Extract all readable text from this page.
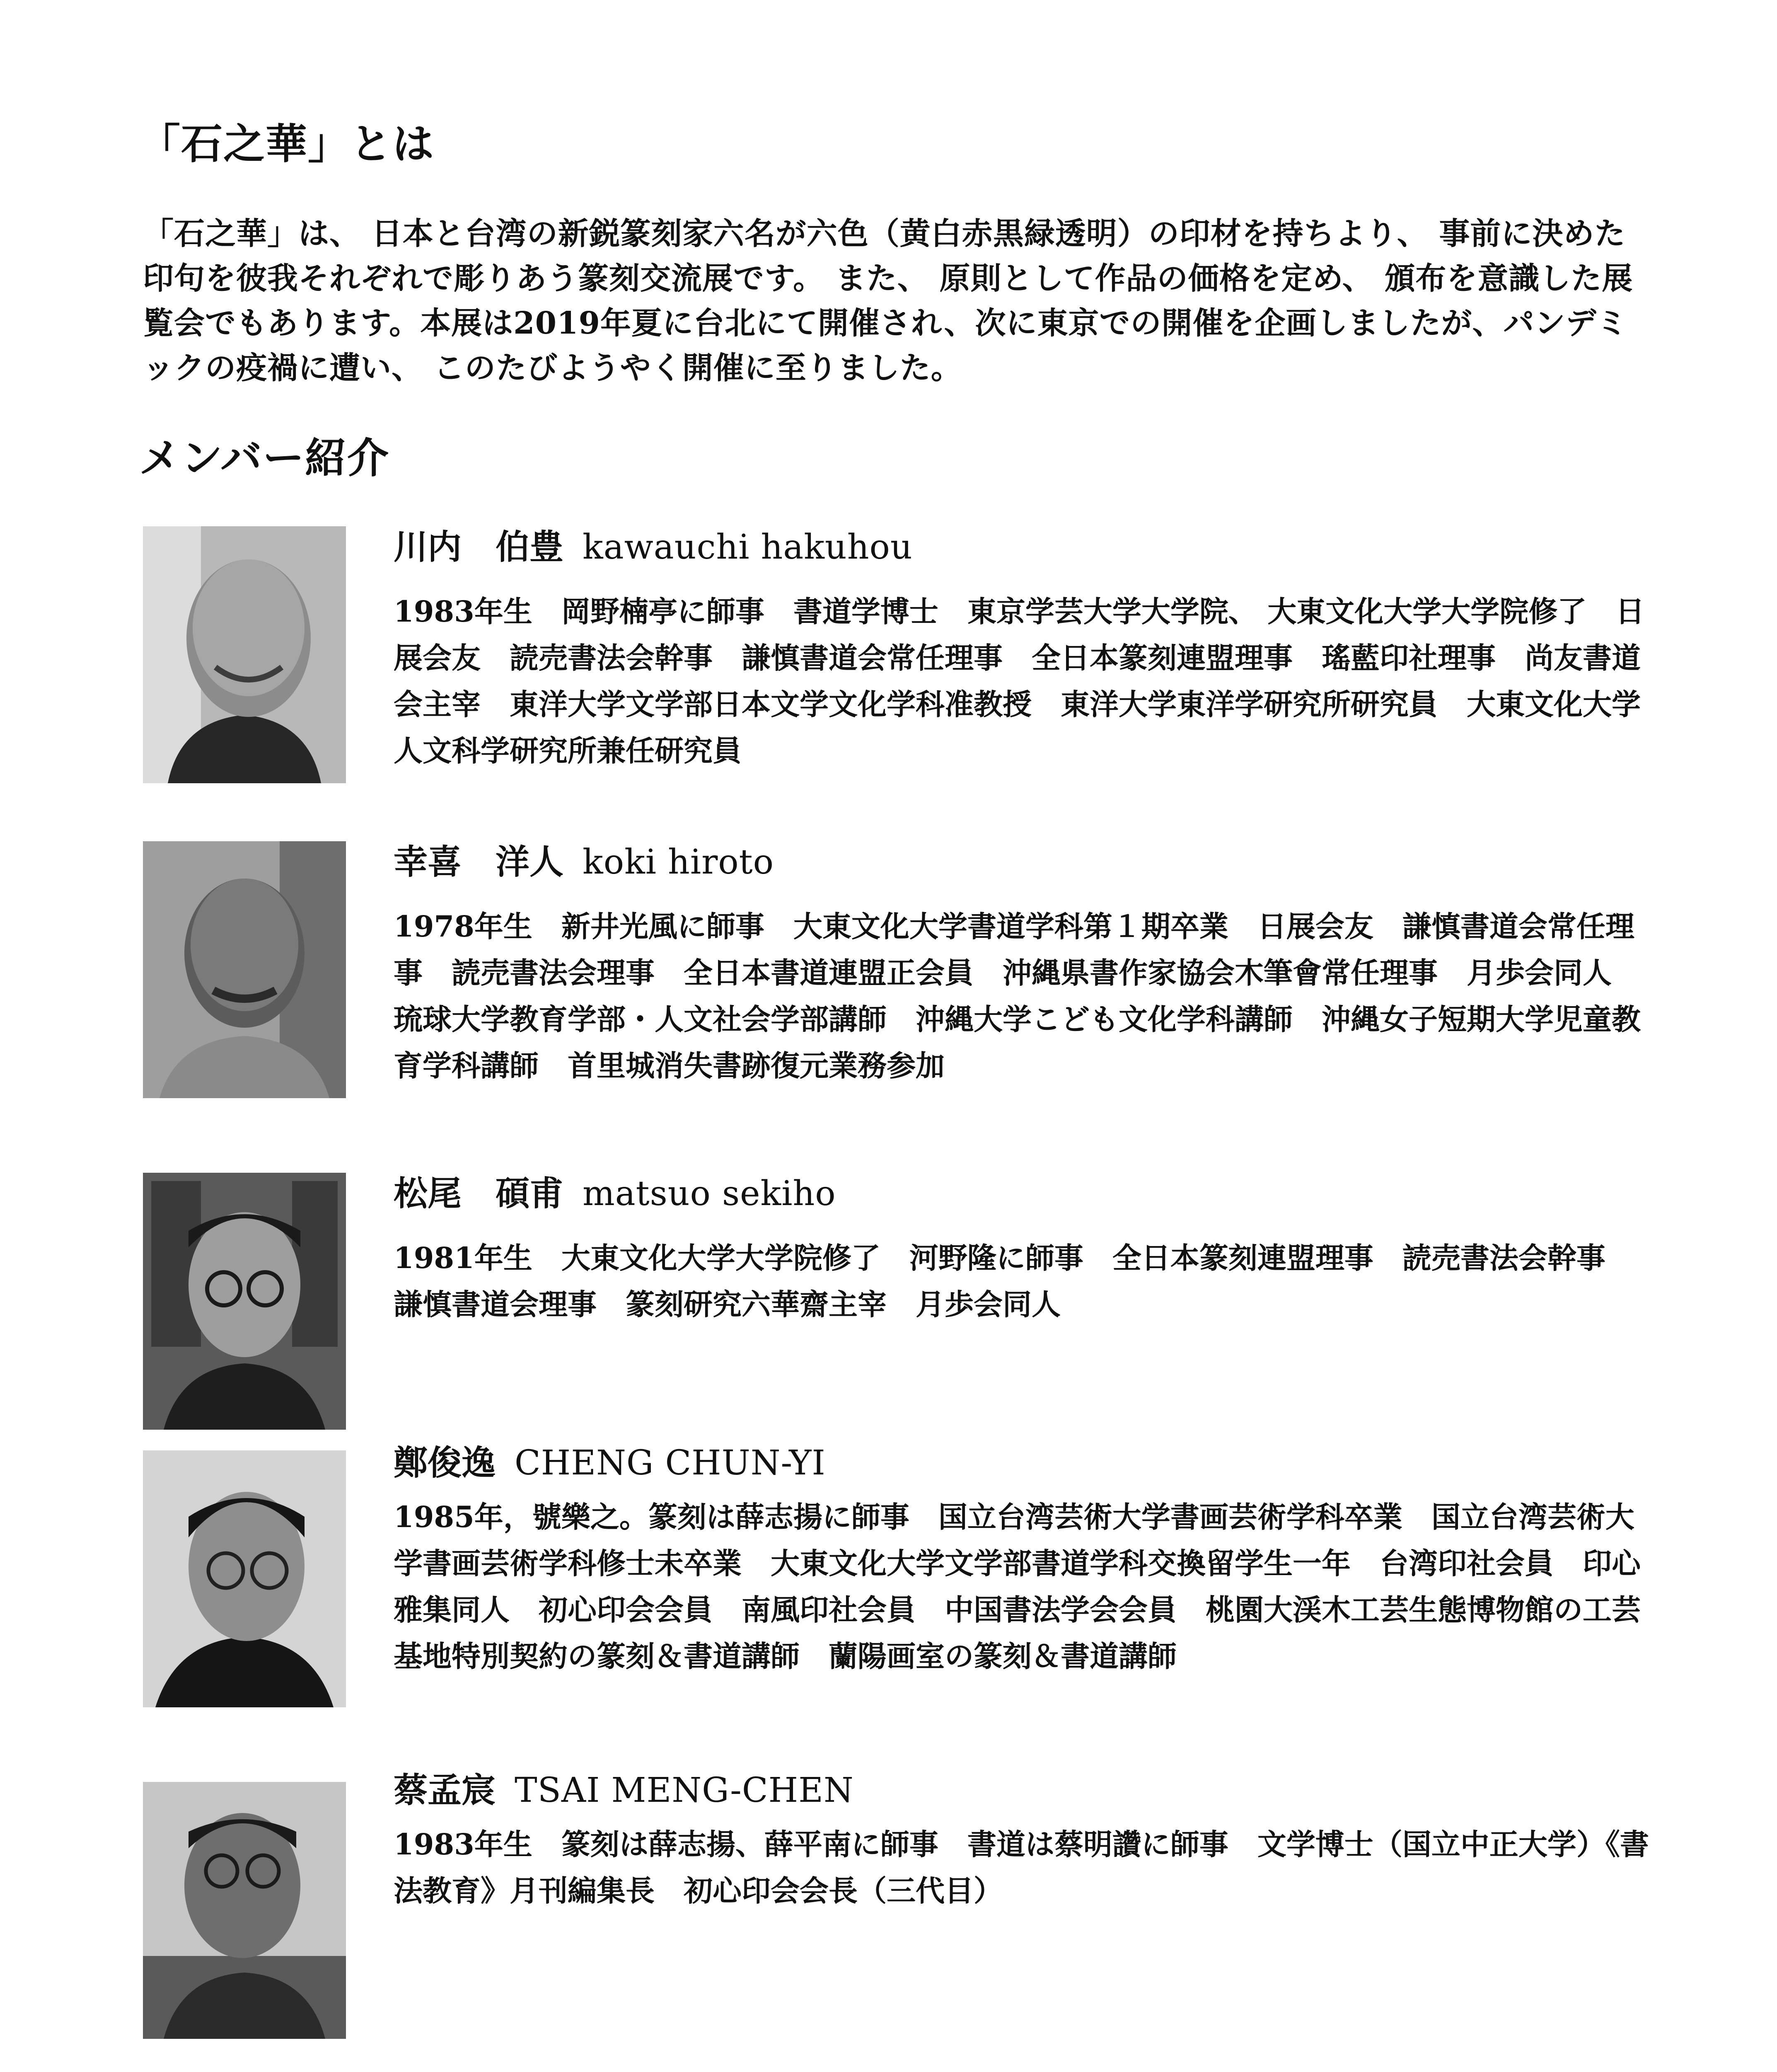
「石之華」とは

「石之華」は、 日本と台湾の新鋭篆刻家六名が六色（黄白赤黒緑透明）の印材を持ちより、 事前に決めた印句を彼我それぞれで彫りあう篆刻交流展です。 また、 原則として作品の価格を定め、 頒布を意識した展覧会でもあります。本展は2019年夏に台北にて開催され、次に東京での開催を企画しましたが、パンデミックの疫禍に遭い、 このたびようやく開催に至りました。

メンバー紹介
川内　伯豊 kawauchi hakuhou

1983年生　岡野楠亭に師事　書道学博士　東京学芸大学大学院、 大東文化大学大学院修了　日展会友　読売書法会幹事　謙慎書道会常任理事　全日本篆刻連盟理事　瑤藍印社理事　尚友書道会主宰　東洋大学文学部日本文学文化学科准教授　東洋大学東洋学研究所研究員　大東文化大学人文科学研究所兼任研究員

幸喜　洋人 koki hiroto

1978年生　新井光風に師事　大東文化大学書道学科第１期卒業　日展会友　謙慎書道会常任理事　読売書法会理事　全日本書道連盟正会員　沖縄県書作家協会木筆會常任理事　月歩会同人　琉球大学教育学部・人文社会学部講師　沖縄大学こども文化学科講師　沖縄女子短期大学児童教育学科講師　首里城消失書跡復元業務参加

松尾　碩甫 matsuo sekiho

1981年生　大東文化大学大学院修了　河野隆に師事　全日本篆刻連盟理事　読売書法会幹事　謙慎書道会理事　篆刻研究六華齋主宰　月歩会同人

鄭俊逸 CHENG CHUN-YI

1985年，號樂之。篆刻は薛志揚に師事　国立台湾芸術大学書画芸術学科卒業　国立台湾芸術大学書画芸術学科修士未卒業　大東文化大学文学部書道学科交換留学生一年　台湾印社会員　印心雅集同人　初心印会会員　南風印社会員　中国書法学会会員　桃園大渓木工芸生態博物館の工芸基地特別契約の篆刻＆書道講師　蘭陽画室の篆刻＆書道講師

蔡孟宸 TSAI MENG-CHEN

1983年生　篆刻は薛志揚、薛平南に師事　書道は蔡明讚に師事　文学博士（国立中正大学）《書法教育》月刊編集長　初心印会会長（三代目）
